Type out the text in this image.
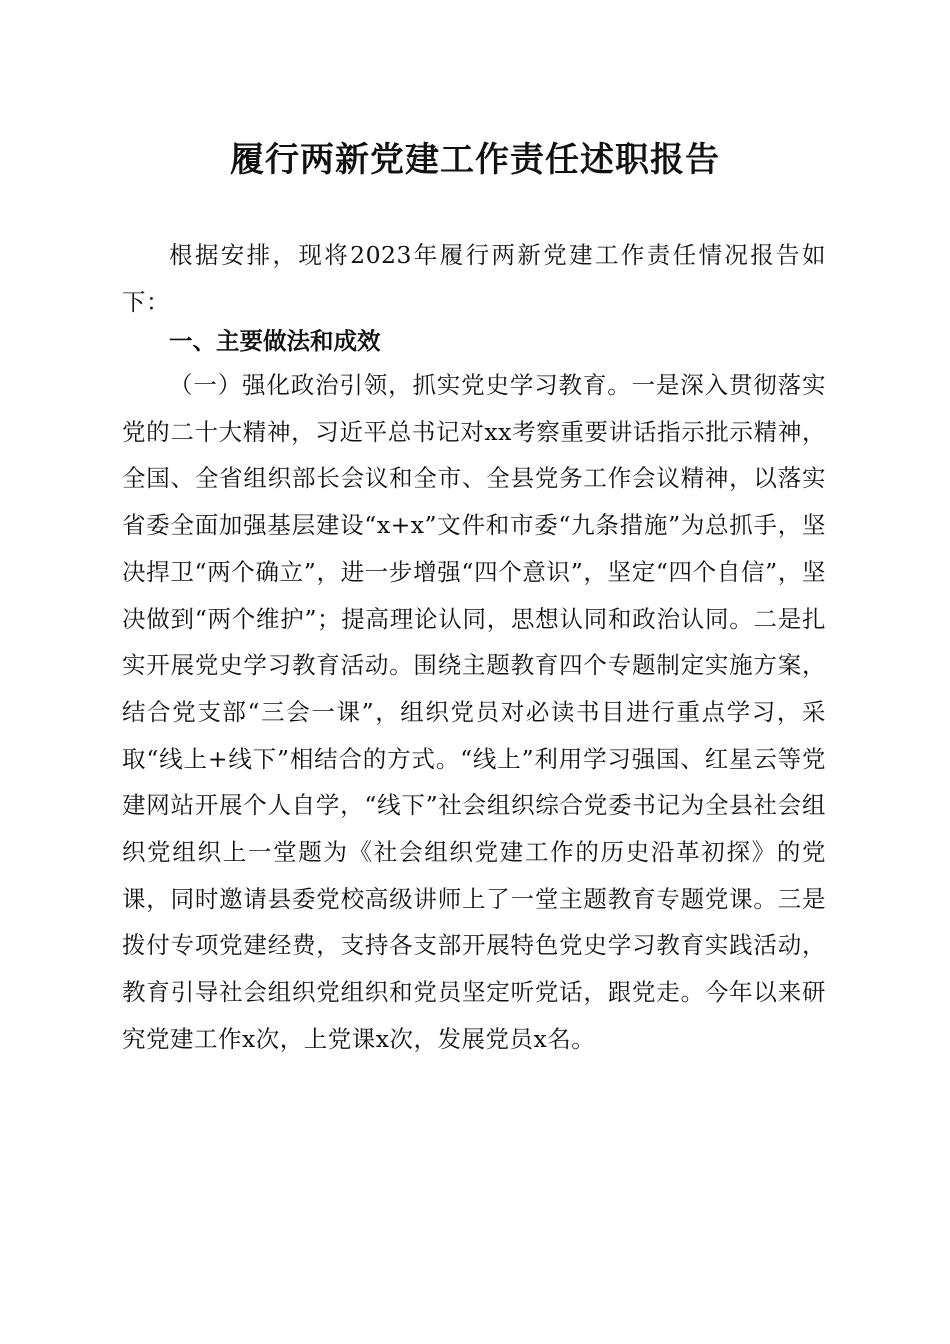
履行两新党建工作责任述职报告

根据安排，现将2023年履行两新党建工作责任情况报告如下：

一、主要做法和成效

（一）强化政治引领，抓实党史学习教育。一是深入贯彻落实党的二十大精神，习近平总书记对xx考察重要讲话指示批示精神，全国、全省组织部长会议和全市、全县党务工作会议精神，以落实省委全面加强基层建设“x+x”文件和市委“九条措施”为总抓手，坚决捍卫“两个确立”，进一步增强“四个意识”，坚定“四个自信”，坚决做到“两个维护”；提高理论认同，思想认同和政治认同。二是扎实开展党史学习教育活动。围绕主题教育四个专题制定实施方案，结合党支部“三会一课”，组织党员对必读书目进行重点学习，采取“线上+线下”相结合的方式。“线上”利用学习强国、红星云等党建网站开展个人自学，“线下”社会组织综合党委书记为全县社会组织党组织上一堂题为《社会组织党建工作的历史沿革初探》的党课，同时邀请县委党校高级讲师上了一堂主题教育专题党课。三是拨付专项党建经费，支持各支部开展特色党史学习教育实践活动，教育引导社会组织党组织和党员坚定听党话，跟党走。今年以来研究党建工作x次，上党课x次，发展党员x名。
